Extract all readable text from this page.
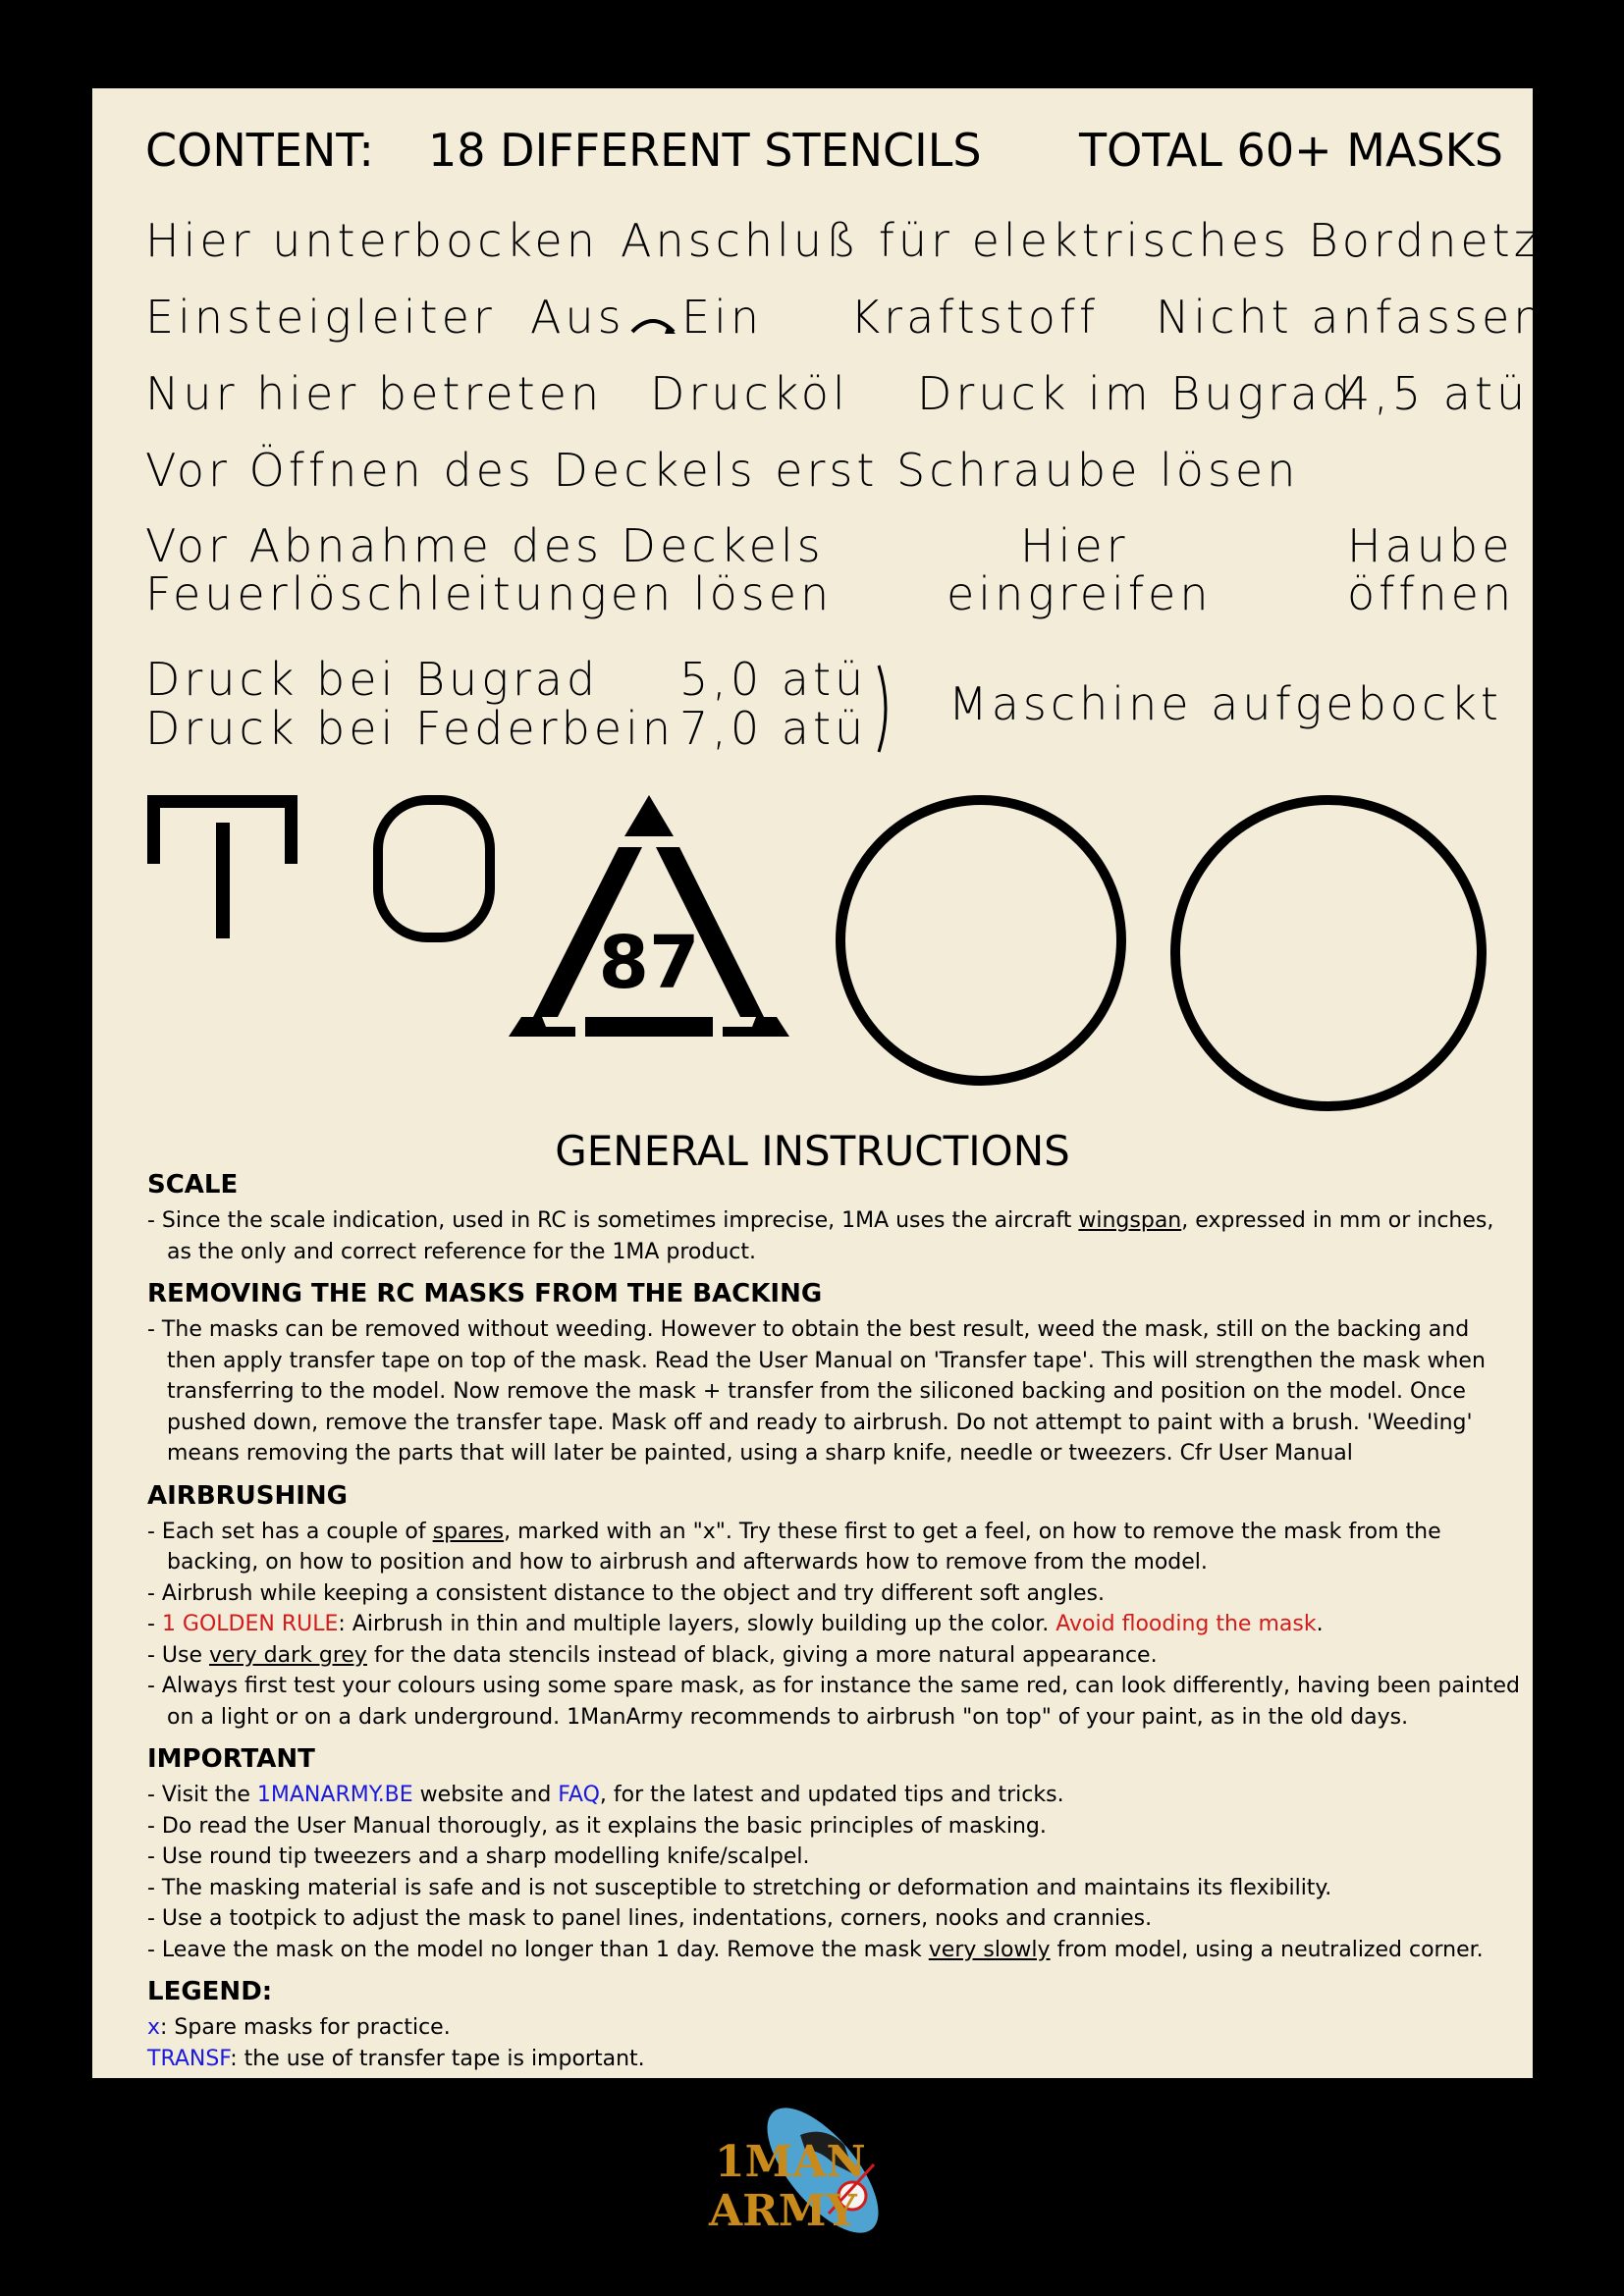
CONTENT: 18 DIFFERENT STENCILS TOTAL 60+ MASKS
Hier unterbocken Anschluß für elektrisches Bordnetz
Einsteigleiter Aus Ein Kraftstoff Nicht anfassen
Nur hier betreten Drucköl Druck im Bugrad
4,5 atü
Vor Öffnen des Deckels erst Schraube lösen
Vor Abnahme des Deckels
Feuerlöschleitungen lösen
Hier
eingreifen
Haube
öffnen
Druck bei Bugrad 5,0 atü
Druck bei Federbein 7,0 atü Maschine aufgebockt
87
GENERAL INSTRUCTIONS
SCALE
- Since the scale indication, used in RC is sometimes imprecise, 1MA uses the aircraft wingspan, expressed in mm or inches, as the only and correct reference for the 1MA product.
REMOVING THE RC MASKS FROM THE BACKING
- The masks can be removed without weeding. However to obtain the best result, weed the mask, still on the backing and then apply transfer tape on top of the mask. Read the User Manual on 'Transfer tape'. This will strengthen the mask when transferring to the model. Now remove the mask + transfer from the siliconed backing and position on the model. Once pushed down, remove the transfer tape. Mask off and ready to airbrush. Do not attempt to paint with a brush. 'Weeding' means removing the parts that will later be painted, using a sharp knife, needle or tweezers. Cfr User Manual
AIRBRUSHING
- Each set has a couple of spares, marked with an "x". Try these first to get a feel, on how to remove the mask from the backing, on how to position and how to airbrush and afterwards how to remove from the model.
- Airbrush while keeping a consistent distance to the object and try different soft angles.
- 1 GOLDEN RULE: Airbrush in thin and multiple layers, slowly building up the color. Avoid flooding the mask.
- Use very dark grey for the data stencils instead of black, giving a more natural appearance.
- Always first test your colours using some spare mask, as for instance the same red, can look differently, having been painted on a light or on a dark underground. 1ManArmy recommends to airbrush "on top" of your paint, as in the old days.
IMPORTANT
- Visit the 1MANARMY.BE website and FAQ, for the latest and updated tips and tricks.
- Do read the User Manual thorougly, as it explains the basic principles of masking.
- Use round tip tweezers and a sharp modelling knife/scalpel.
- The masking material is safe and is not susceptible to stretching or deformation and maintains its flexibility.
- Use a tootpick to adjust the mask to panel lines, indentations, corners, nooks and crannies.
- Leave the mask on the model no longer than 1 day. Remove the mask very slowly from model, using a neutralized corner.
LEGEND:
x: Spare masks for practice.
TRANSF: the use of transfer tape is important.
1MAN
ARMY
